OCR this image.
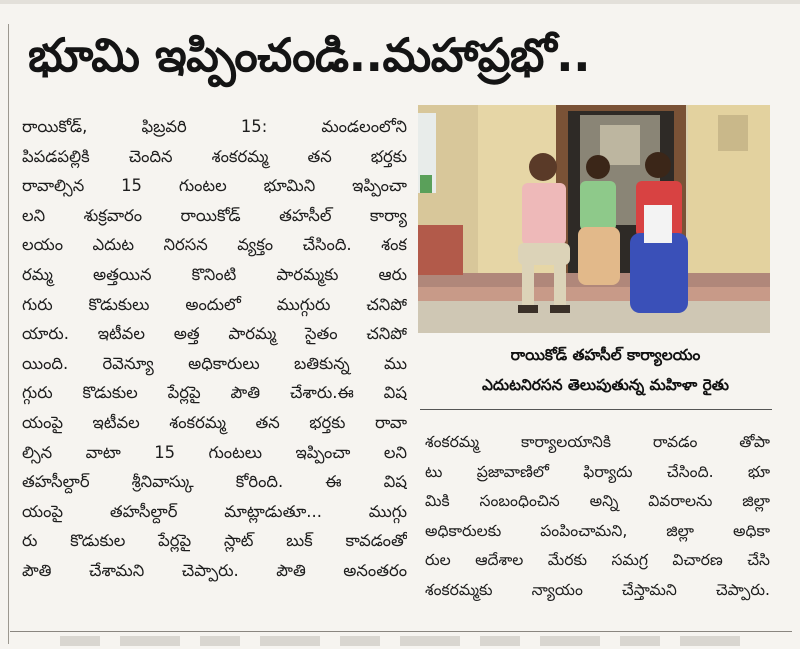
భూమి ఇప్పించండి..మహాప్రభో..
రాయికోడ్, ఫిబ్రవరి 15: మండలంలోని
పిపడపల్లికి చెందిన శంకరమ్మ తన భర్తకు
రావాల్సిన 15 గుంటల భూమిని ఇప్పించా
లని శుక్రవారం రాయికోడ్ తహసీల్ కార్యా
లయం ఎదుట నిరసన వ్యక్తం చేసింది. శంక
రమ్మ అత్తయిన కొనింటి పారమ్మకు ఆరు
గురు కొడుకులు అందులో ముగ్గురు చనిపో
యారు. ఇటీవల అత్త పారమ్మ సైతం చనిపో
యింది. రెవెన్యూ అధికారులు బతికున్న ము
గ్గురు కొడుకుల పేర్లపై పౌతి చేశారు.ఈ విష
యంపై ఇటీవల శంకరమ్మ తన భర్తకు రావా
ల్సిన వాటా 15 గుంటలు ఇప్పించా లని
తహసీల్దార్ శ్రీనివాస్కు కోరింది. ఈ విష
యంపై తహసీల్దార్ మాట్లాడుతూ... ముగ్గు
రు కొడుకుల పేర్లపై స్లాట్ బుక్ కావడంతో
పౌతి చేశామని చెప్పారు. పౌతి అనంతరం
రాయికోడ్ తహసీల్ కార్యాలయం
ఎదుటనిరసన తెలుపుతున్న మహిళా రైతు
శంకరమ్మ కార్యాలయానికి రావడం తోపా
టు ప్రజావాణిలో ఫిర్యాదు చేసింది. భూ
మికి సంబంధించిన అన్ని వివరాలను జిల్లా
అధికారులకు పంపించామని, జిల్లా అధికా
రుల ఆదేశాల మేరకు సమగ్ర విచారణ చేసి
శంకరమ్మకు న్యాయం చేస్తామని చెప్పారు.
